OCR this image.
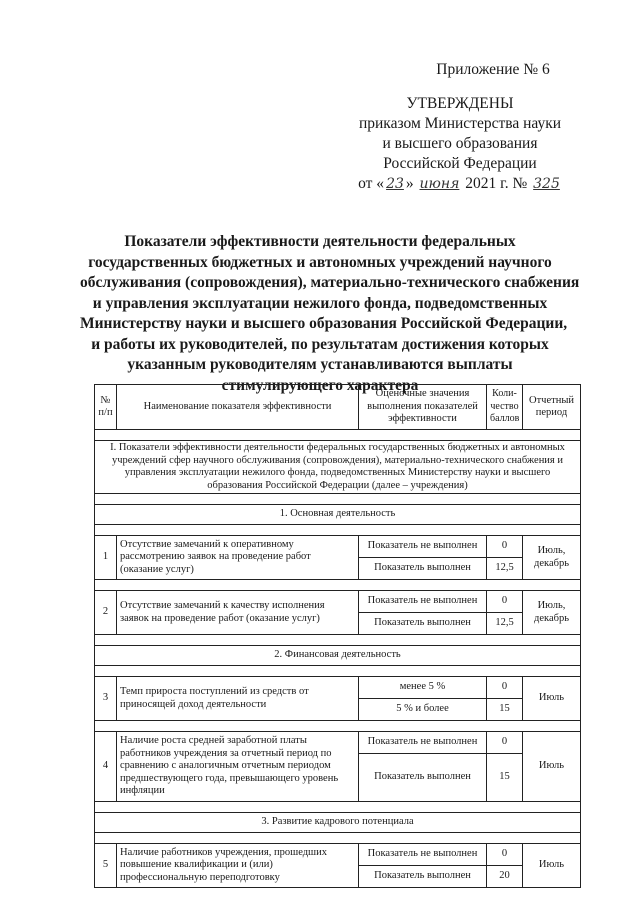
Приложение № 6
УТВЕРЖДЕНЫ
приказом Министерства науки
и высшего образования
Российской Федерации
от « 23 » июня 2021 г. № 325
Показатели эффективности деятельности федеральных
государственных бюджетных и автономных учреждений научного
обслуживания (сопровождения), материально-технического снабжения
и управления эксплуатации нежилого фонда, подведомственных
Министерству науки и высшего образования Российской Федерации,
и работы их руководителей, по результатам достижения которых
указанным руководителям устанавливаются выплаты
стимулирующего характера
№ п/п	Наименование показателя эффективности	Оценочные значения выполнения показателей эффективности	Коли-чество баллов	Отчетный период

I. Показатели эффективности деятельности федеральных государственных бюджетных и автономных учреждений сфер научного обслуживания (сопровождения), материально-технического снабжения и управления эксплуатации нежилого фонда, подведомственных Министерству науки и высшего образования Российской Федерации (далее – учреждения)				

1. Основная деятельность				

1	Отсутствие замечаний к оперативному рассмотрению заявок на проведение работ (оказание услуг)	Показатель не выполнен	0	Июль, декабрь
		Показатель выполнен	12,5	

2	Отсутствие замечаний к качеству исполнения заявок на проведение работ (оказание услуг)	Показатель не выполнен	0	Июль, декабрь
		Показатель выполнен	12,5	

2. Финансовая деятельность				

3	Темп прироста поступлений из средств от приносящей доход деятельности	менее 5 %	0	Июль
		5 % и более	15	

4	Наличие роста средней заработной платы работников учреждения за отчетный период по сравнению с аналогичным отчетным периодом предшествующего года, превышающего уровень инфляции	Показатель не выполнен	0	Июль
		Показатель выполнен	15	

3. Развитие кадрового потенциала				

5	Наличие работников учреждения, прошедших повышение квалификации и (или) профессиональную переподготовку	Показатель не выполнен	0	Июль
		Показатель выполнен	20	
